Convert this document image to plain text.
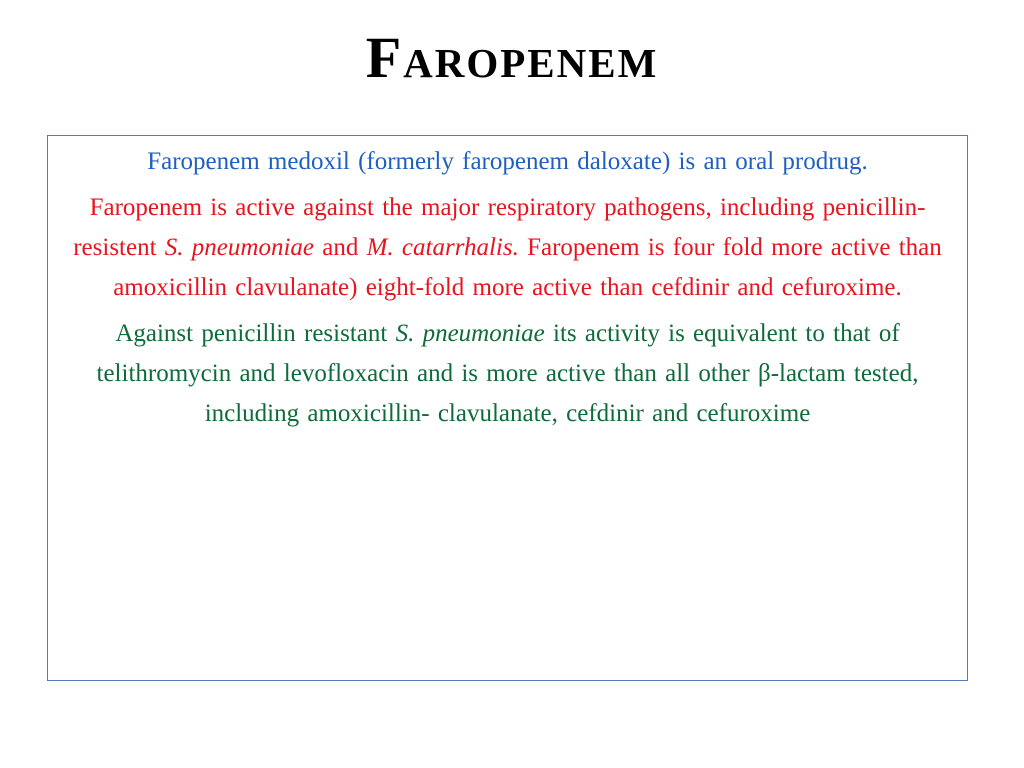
Faropenem

Faropenem medoxil (formerly faropenem daloxate) is an oral prodrug.

Faropenem is active against the major respiratory pathogens, including penicillin-resistent S. pneumoniae and M. catarrhalis. Faropenem is four fold more active than amoxicillin clavulanate) eight-fold more active than cefdinir and cefuroxime.

Against penicillin resistant S. pneumoniae its activity is equivalent to that of telithromycin and levofloxacin and is more active than all other β-lactam tested, including amoxicillin- clavulanate, cefdinir and cefuroxime
